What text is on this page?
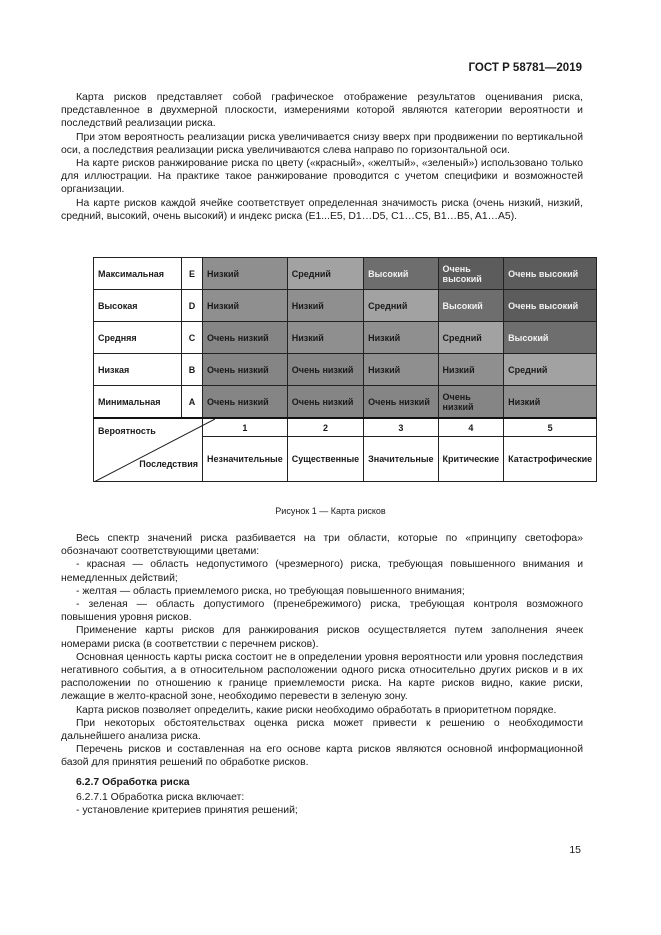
ГОСТ Р 58781—2019

Карта рисков представляет собой графическое отображение результатов оценивания риска, представленное в двухмерной плоскости, измерениями которой являются категории вероятности и последствий реализации риска.

При этом вероятность реализации риска увеличивается снизу вверх при продвижении по вертикальной оси, а последствия реализации риска увеличиваются слева направо по горизонтальной оси.

На карте рисков ранжирование риска по цвету («красный», «желтый», «зеленый») использовано только для иллюстрации. На практике такое ранжирование проводится с учетом специфики и возможностей организации.

На карте рисков каждой ячейке соответствует определенная значимость риска (очень низкий, низкий, средний, высокий, очень высокий) и индекс риска (E1...E5, D1…D5, C1…C5, B1…B5, A1…A5).

Максимальная	E	Низкий	Средний	Высокий	Очень высокий	Очень высокий
Высокая	D	Низкий	Низкий	Средний	Высокий	Очень высокий
Средняя	C	Очень низкий	Низкий	Низкий	Средний	Высокий
Низкая	B	Очень низкий	Очень низкий	Низкий	Низкий	Средний
Минимальная	A	Очень низкий	Очень низкий	Очень низкий	Очень низкий	Низкий

Вероятность
Последствия		1	2	3	4	5
		Незначительные	Существенные	Значительные	Критические	Катастрофические
Рисунок 1 — Карта рисков

Весь спектр значений риска разбивается на три области, которые по «принципу светофора» обозначают соответствующими цветами:

- красная — область недопустимого (чрезмерного) риска, требующая повышенного внимания и немедленных действий;

- желтая — область приемлемого риска, но требующая повышенного внимания;

- зеленая — область допустимого (пренебрежимого) риска, требующая контроля возможного повышения уровня рисков.

Применение карты рисков для ранжирования рисков осуществляется путем заполнения ячеек номерами риска (в соответствии с перечнем рисков).

Основная ценность карты риска состоит не в определении уровня вероятности или уровня последствия негативного события, а в относительном расположении одного риска относительно других рисков и в их расположении по отношению к границе приемлемости риска. На карте рисков видно, какие риски, лежащие в желто-красной зоне, необходимо перевести в зеленую зону.

Карта рисков позволяет определить, какие риски необходимо обработать в приоритетном порядке.

При некоторых обстоятельствах оценка риска может привести к решению о необходимости дальнейшего анализа риска.

Перечень рисков и составленная на его основе карта рисков являются основной информационной базой для принятия решений по обработке рисков.

6.2.7 Обработка риска

6.2.7.1 Обработка риска включает:

- установление критериев принятия решений;

15
